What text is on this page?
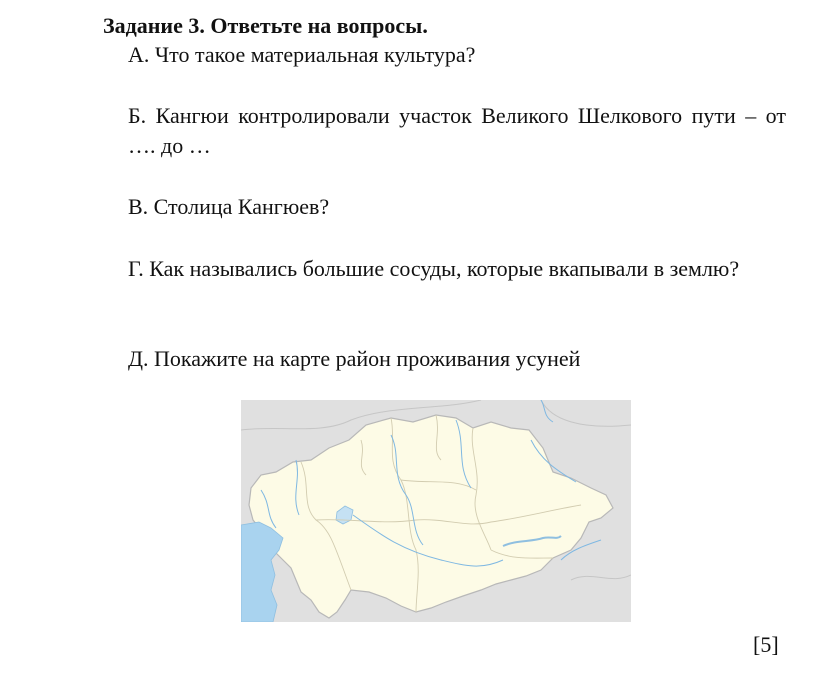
Задание 3. Ответьте на вопросы.
А. Что такое материальная культура?
Б. Кангюи контролировали участок Великого Шелкового пути – от …. до …
В. Столица Кангюев?
Г. Как назывались большие сосуды, которые вкапывали в землю?
Д. Покажите на карте район проживания усуней
[5]
